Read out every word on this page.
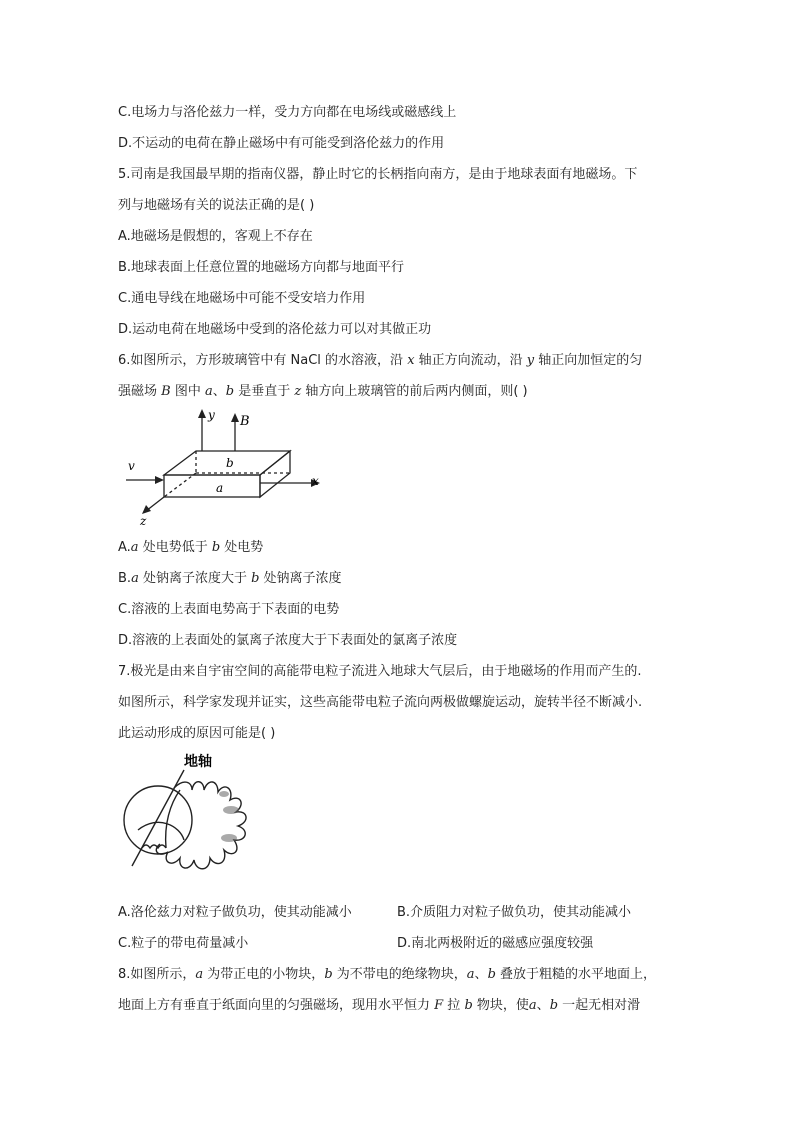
C.电场力与洛伦兹力一样，受力方向都在电场线或磁感线上
D.不运动的电荷在静止磁场中有可能受到洛伦兹力的作用
5.司南是我国最早期的指南仪器，静止时它的长柄指向南方，是由于地球表面有地磁场。下
列与地磁场有关的说法正确的是( )
A.地磁场是假想的，客观上不存在
B.地球表面上任意位置的地磁场方向都与地面平行
C.通电导线在地磁场中可能不受安培力作用
D.运动电荷在地磁场中受到的洛伦兹力可以对其做正功
6.如图所示，方形玻璃管中有 NaCl 的水溶液，沿 x 轴正方向流动，沿 y 轴正向加恒定的匀
强磁场 B 图中 a、b 是垂直于 z 轴方向上玻璃管的前后两内侧面，则( )
y B
b
v
a	x
z
A.a 处电势低于 b 处电势
B.a 处钠离子浓度大于 b 处钠离子浓度
C.溶液的上表面电势高于下表面的电势
D.溶液的上表面处的氯离子浓度大于下表面处的氯离子浓度
7.极光是由来自宇宙空间的高能带电粒子流进入地球大气层后，由于地磁场的作用而产生的.
如图所示，科学家发现并证实，这些高能带电粒子流向两极做螺旋运动，旋转半径不断减小.
此运动形成的原因可能是( )
地轴
A.洛伦兹力对粒子做负功，使其动能减小	B.介质阻力对粒子做负功，使其动能减小
C.粒子的带电荷量减小	D.南北两极附近的磁感应强度较强
8.如图所示，a 为带正电的小物块，b 为不带电的绝缘物块，a、b 叠放于粗糙的水平地面上，
地面上方有垂直于纸面向里的匀强磁场，现用水平恒力 F 拉 b 物块，使a、b 一起无相对滑
